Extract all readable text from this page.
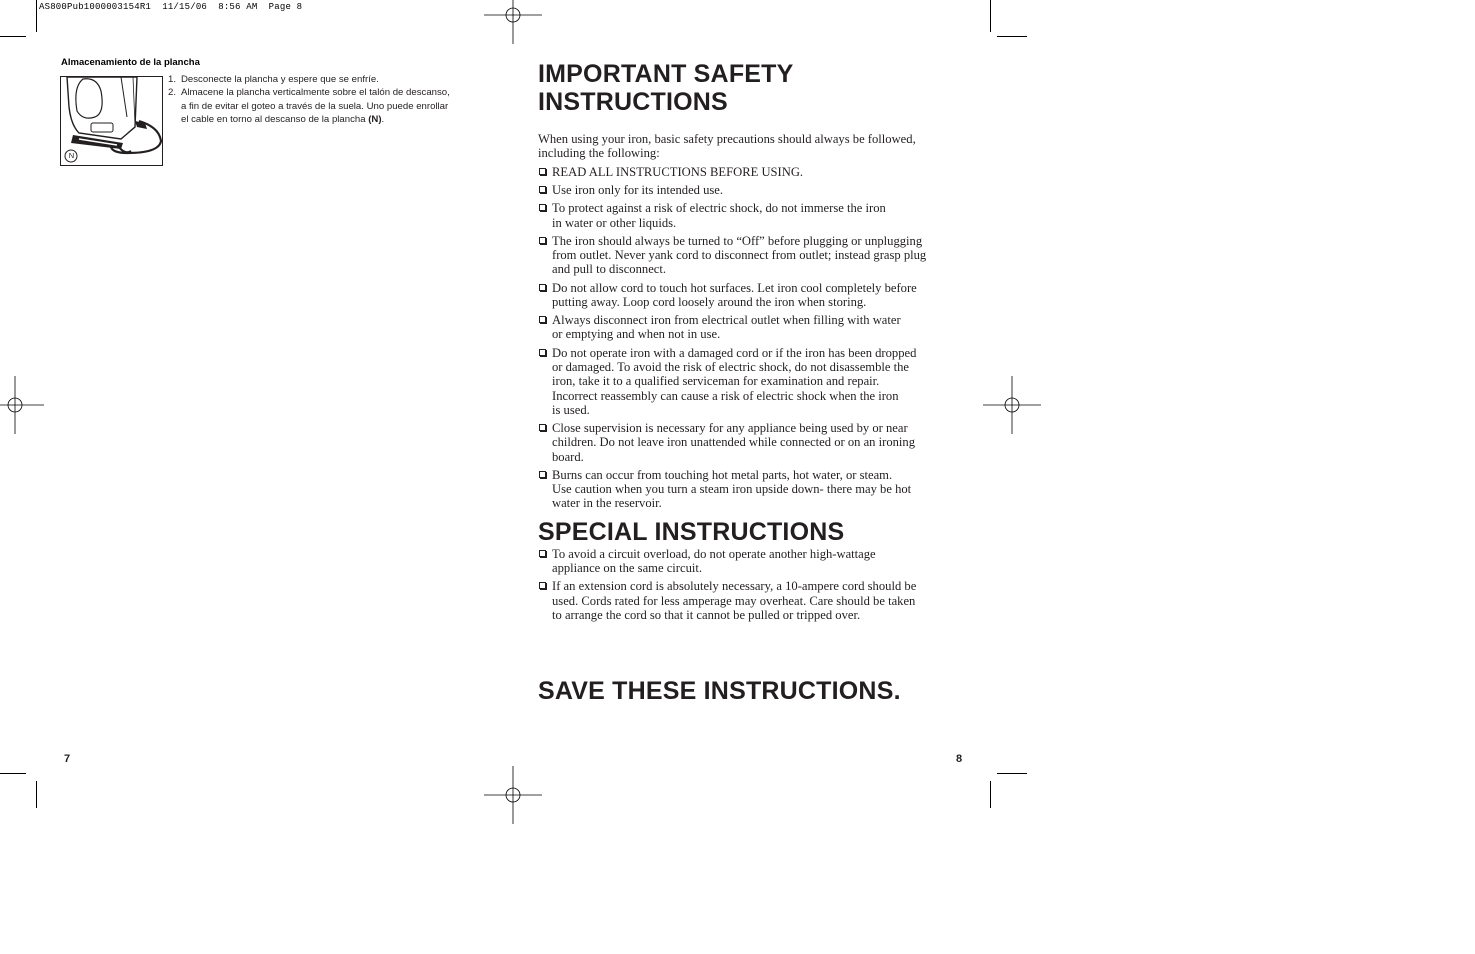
AS800Pub1000003154R1  11/15/06  8:56 AM  Page 8
Almacenamiento de la plancha
N
1. Desconecte la plancha y espere que se enfríe.
2. Almacene la plancha verticalmente sobre el talón de descanso,
a fin de evitar el goteo a través de la suela. Uno puede enrollar
el cable en torno al descanso de la plancha (N).
7
IMPORTANT SAFETY
INSTRUCTIONS

When using your iron, basic safety precautions should always be followed,
including the following:

READ ALL INSTRUCTIONS BEFORE USING.
Use iron only for its intended use.
To protect against a risk of electric shock, do not immerse the iron
in water or other liquids.
The iron should always be turned to “Off” before plugging or unplugging
from outlet. Never yank cord to disconnect from outlet; instead grasp plug
and pull to disconnect.
Do not allow cord to touch hot surfaces. Let iron cool completely before
putting away. Loop cord loosely around the iron when storing.
Always disconnect iron from electrical outlet when filling with water
or emptying and when not in use.
Do not operate iron with a damaged cord or if the iron has been dropped
or damaged. To avoid the risk of electric shock, do not disassemble the
iron, take it to a qualified serviceman for examination and repair.
Incorrect reassembly can cause a risk of electric shock when the iron
is used.
Close supervision is necessary for any appliance being used by or near
children. Do not leave iron unattended while connected or on an ironing
board.
Burns can occur from touching hot metal parts, hot water, or steam.
Use caution when you turn a steam iron upside down- there may be hot
water in the reservoir.
SPECIAL INSTRUCTIONS
To avoid a circuit overload, do not operate another high-wattage
appliance on the same circuit.
If an extension cord is absolutely necessary, a 10-ampere cord should be
used. Cords rated for less amperage may overheat. Care should be taken
to arrange the cord so that it cannot be pulled or tripped over.
SAVE THESE INSTRUCTIONS.
8
